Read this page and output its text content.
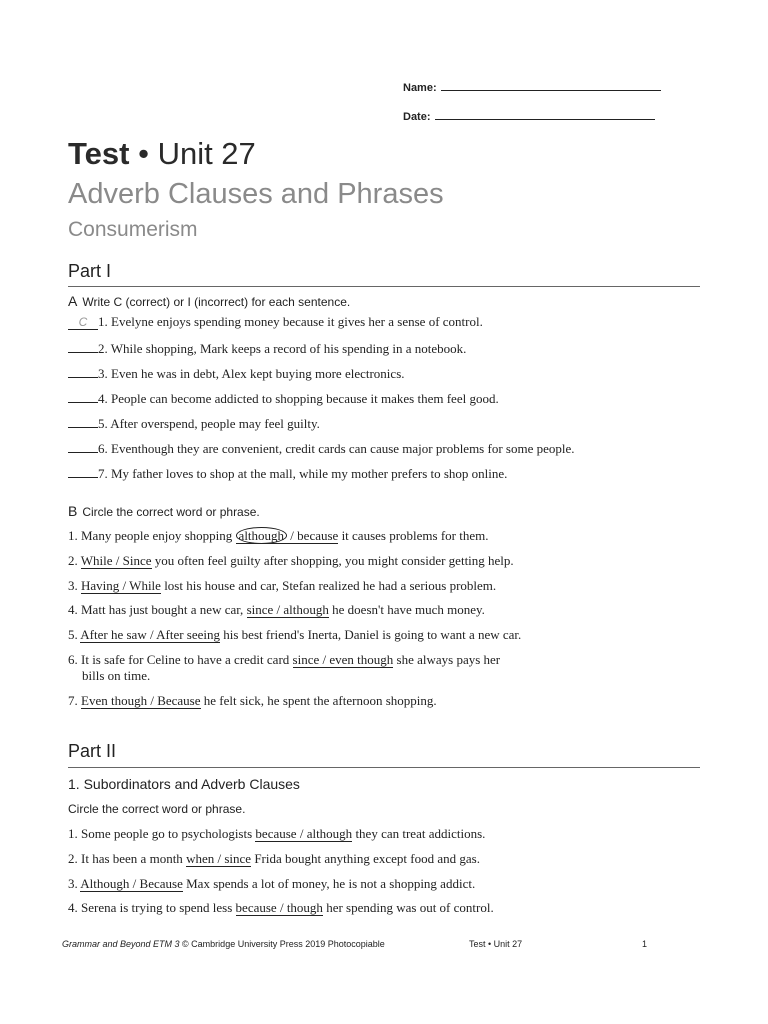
Name:
Date:
Test • Unit 27
Adverb Clauses and Phrases
Consumerism
Part I
A Write C (correct) or I (incorrect) for each sentence.
C 1. Evelyne enjoys spending money because it gives her a sense of control.
2. While shopping, Mark keeps a record of his spending in a notebook.
3. Even he was in debt, Alex kept buying more electronics.
4. People can become addicted to shopping because it makes them feel good.
5. After overspend, people may feel guilty.
6. Eventhough they are convenient, credit cards can cause major problems for some people.
7. My father loves to shop at the mall, while my mother prefers to shop online.
B Circle the correct word or phrase.
1. Many people enjoy shopping although / because it causes problems for them.
2. While / Since you often feel guilty after shopping, you might consider getting help.
3. Having / While lost his house and car, Stefan realized he had a serious problem.
4. Matt has just bought a new car, since / although he doesn't have much money.
5. After he saw / After seeing his best friend's Inerta, Daniel is going to want a new car.
6. It is safe for Celine to have a credit card since / even though she always pays her
bills on time.
7. Even though / Because he felt sick, he spent the afternoon shopping.
Part II
1. Subordinators and Adverb Clauses
Circle the correct word or phrase.
1. Some people go to psychologists because / although they can treat addictions.
2. It has been a month when / since Frida bought anything except food and gas.
3. Although / Because Max spends a lot of money, he is not a shopping addict.
4. Serena is trying to spend less because / though her spending was out of control.
Grammar and Beyond ETM 3 © Cambridge University Press 2019 Photocopiable	Test • Unit 27	1
